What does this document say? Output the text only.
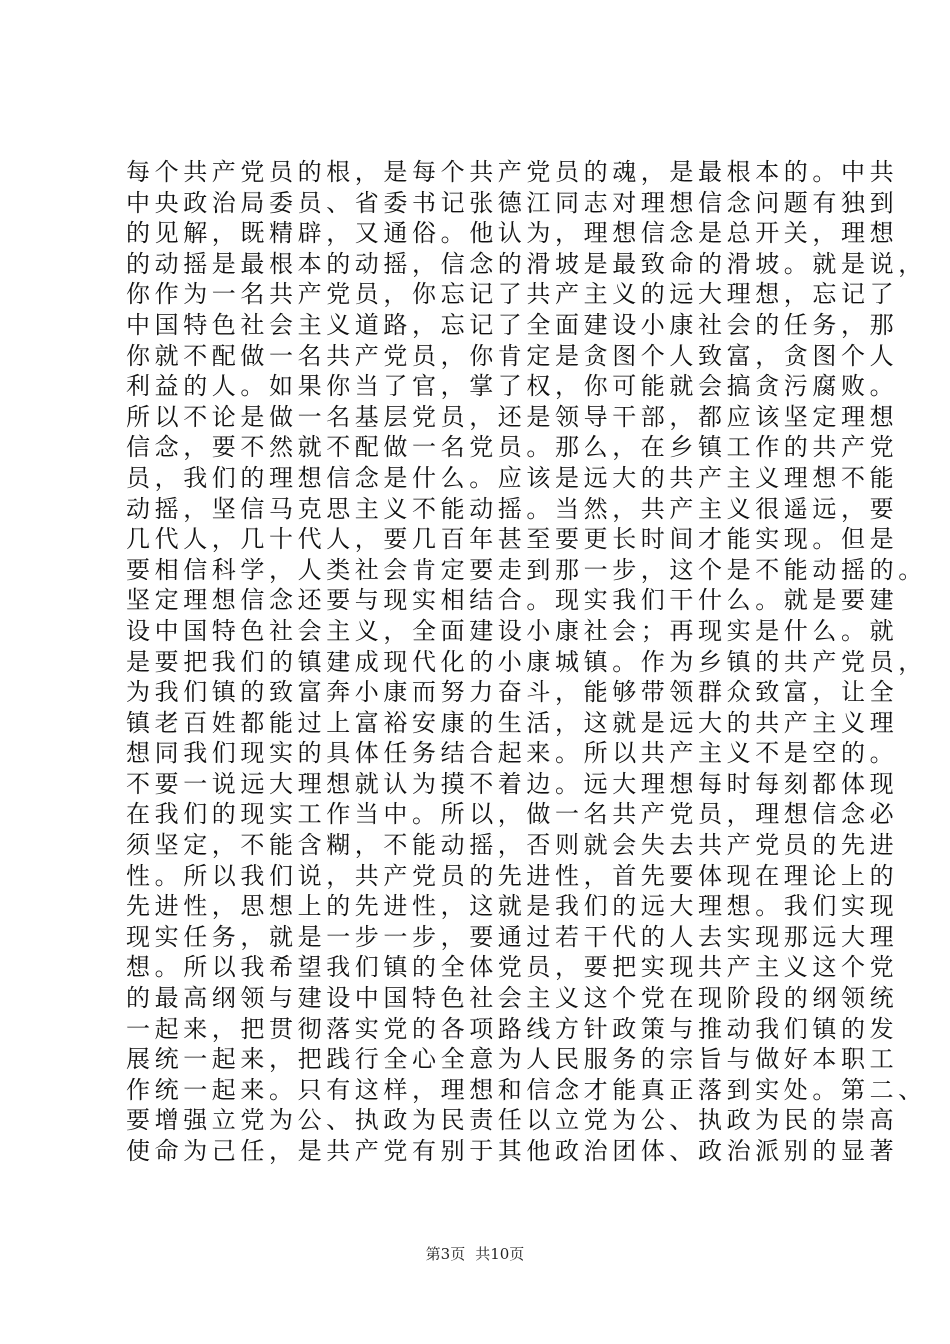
每个共产党员的根，是每个共产党员的魂，是最根本的。中共
中央政治局委员、省委书记张德江同志对理想信念问题有独到
的见解，既精辟，又通俗。他认为，理想信念是总开关，理想
的动摇是最根本的动摇，信念的滑坡是最致命的滑坡。就是说，
你作为一名共产党员，你忘记了共产主义的远大理想，忘记了
中国特色社会主义道路，忘记了全面建设小康社会的任务，那
你就不配做一名共产党员，你肯定是贪图个人致富，贪图个人
利益的人。如果你当了官，掌了权，你可能就会搞贪污腐败。
所以不论是做一名基层党员，还是领导干部，都应该坚定理想
信念，要不然就不配做一名党员。那么，在乡镇工作的共产党
员，我们的理想信念是什么。应该是远大的共产主义理想不能
动摇，坚信马克思主义不能动摇。当然，共产主义很遥远，要
几代人，几十代人，要几百年甚至要更长时间才能实现。但是
要相信科学，人类社会肯定要走到那一步，这个是不能动摇的。
坚定理想信念还要与现实相结合。现实我们干什么。就是要建
设中国特色社会主义，全面建设小康社会；再现实是什么。就
是要把我们的镇建成现代化的小康城镇。作为乡镇的共产党员，
为我们镇的致富奔小康而努力奋斗，能够带领群众致富，让全
镇老百姓都能过上富裕安康的生活，这就是远大的共产主义理
想同我们现实的具体任务结合起来。所以共产主义不是空的。
不要一说远大理想就认为摸不着边。远大理想每时每刻都体现
在我们的现实工作当中。所以，做一名共产党员，理想信念必
须坚定，不能含糊，不能动摇，否则就会失去共产党员的先进
性。所以我们说，共产党员的先进性，首先要体现在理论上的
先进性，思想上的先进性，这就是我们的远大理想。我们实现
现实任务，就是一步一步，要通过若干代的人去实现那远大理
想。所以我希望我们镇的全体党员，要把实现共产主义这个党
的最高纲领与建设中国特色社会主义这个党在现阶段的纲领统
一起来，把贯彻落实党的各项路线方针政策与推动我们镇的发
展统一起来，把践行全心全意为人民服务的宗旨与做好本职工
作统一起来。只有这样，理想和信念才能真正落到实处。第二、
要增强立党为公、执政为民责任以立党为公、执政为民的崇高
使命为己任，是共产党有别于其他政治团体、政治派别的显著
第3页 共10页
